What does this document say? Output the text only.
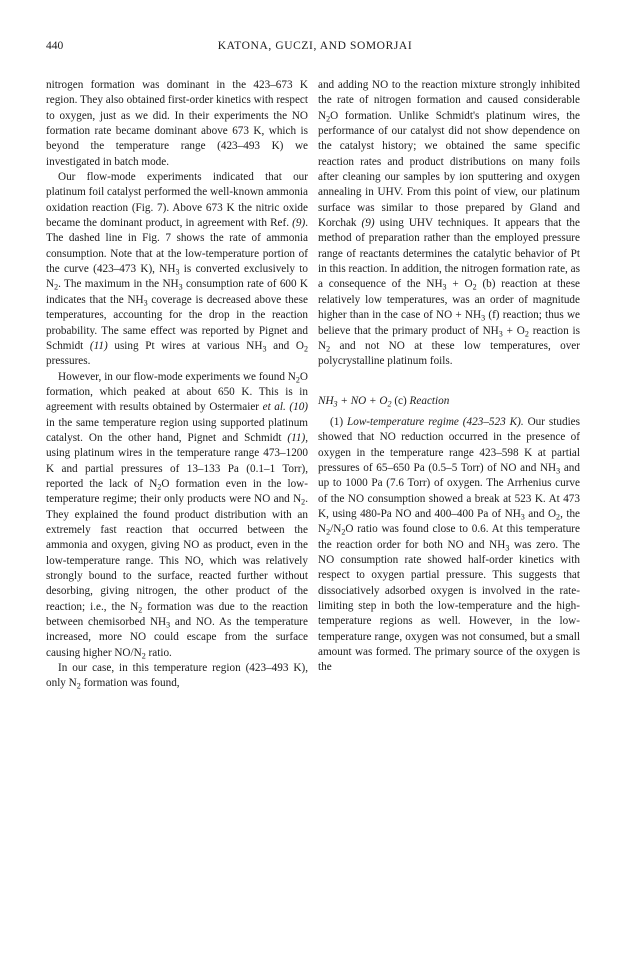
440	KATONA, GUCZI, AND SOMORJAI

nitrogen formation was dominant in the 423–673 K region. They also obtained first-order kinetics with respect to oxygen, just as we did. In their experiments the NO formation rate became dominant above 673 K, which is beyond the temperature range (423–493 K) we investigated in batch mode.

Our flow-mode experiments indicated that our platinum foil catalyst performed the well-known ammonia oxidation reaction (Fig. 7). Above 673 K the nitric oxide became the dominant product, in agreement with Ref. (9). The dashed line in Fig. 7 shows the rate of ammonia consumption. Note that at the low-temperature portion of the curve (423–473 K), $NH_3$ is converted exclusively to $N_2$. The maximum in the $NH_3$ consumption rate of 600 K indicates that the $NH_3$ coverage is decreased above these temperatures, accounting for the drop in the reaction probability. The same effect was reported by Pignet and Schmidt (11) using Pt wires at various $NH_3$ and $O_2$ pressures.

However, in our flow-mode experiments we found $N_2O$ formation, which peaked at about 650 K. This is in agreement with results obtained by Ostermaier et al. (10) in the same temperature region using supported platinum catalyst. On the other hand, Pignet and Schmidt (11), using platinum wires in the temperature range 473–1200 K and partial pressures of 13–133 Pa (0.1–1 Torr), reported the lack of $N_2O$ formation even in the low-temperature regime; their only products were NO and $N_2$. They explained the found product distribution with an extremely fast reaction that occurred between the ammonia and oxygen, giving NO as product, even in the low-temperature range. This NO, which was relatively strongly bound to the surface, reacted further without desorbing, giving nitrogen, the other product of the reaction; i.e., the $N_2$ formation was due to the reaction between chemisorbed $NH_3$ and NO. As the temperature increased, more NO could escape from the surface causing higher $NO/N_2$ ratio.

In our case, in this temperature region (423–493 K), only $N_2$ formation was found,

and adding NO to the reaction mixture strongly inhibited the rate of nitrogen formation and caused considerable $N_2O$ formation. Unlike Schmidt's platinum wires, the performance of our catalyst did not show dependence on the catalyst history; we obtained the same specific reaction rates and product distributions on many foils after cleaning our samples by ion sputtering and oxygen annealing in UHV. From this point of view, our platinum surface was similar to those prepared by Gland and Korchak (9) using UHV techniques. It appears that the method of preparation rather than the employed pressure range of reactants determines the catalytic behavior of Pt in this reaction. In addition, the nitrogen formation rate, as a consequence of the $NH_3 + O_2$ (b) reaction at these relatively low temperatures, was an order of magnitude higher than in the case of NO + $NH_3$ (f) reaction; thus we believe that the primary product of $NH_3 + O_2$ reaction is $N_2$ and not NO at these low temperatures, over polycrystalline platinum foils.

$NH_3$ + NO + $O_2$ (c) Reaction

(1) Low-temperature regime (423–523 K). Our studies showed that NO reduction occurred in the presence of oxygen in the temperature range 423–598 K at partial pressures of 65–650 Pa (0.5–5 Torr) of NO and $NH_3$ and up to 1000 Pa (7.6 Torr) of oxygen. The Arrhenius curve of the NO consumption showed a break at 523 K. At 473 K, using 480-Pa NO and 400–400 Pa of $NH_3$ and $O_2$, the $N_2/N_2O$ ratio was found close to 0.6. At this temperature the reaction order for both NO and $NH_3$ was zero. The NO consumption rate showed half-order kinetics with respect to oxygen partial pressure. This suggests that dissociatively adsorbed oxygen is involved in the rate-limiting step in both the low-temperature and the high-temperature regions as well. However, in the low-temperature range, oxygen was not consumed, but a small amount was formed. The primary source of the oxygen is the
